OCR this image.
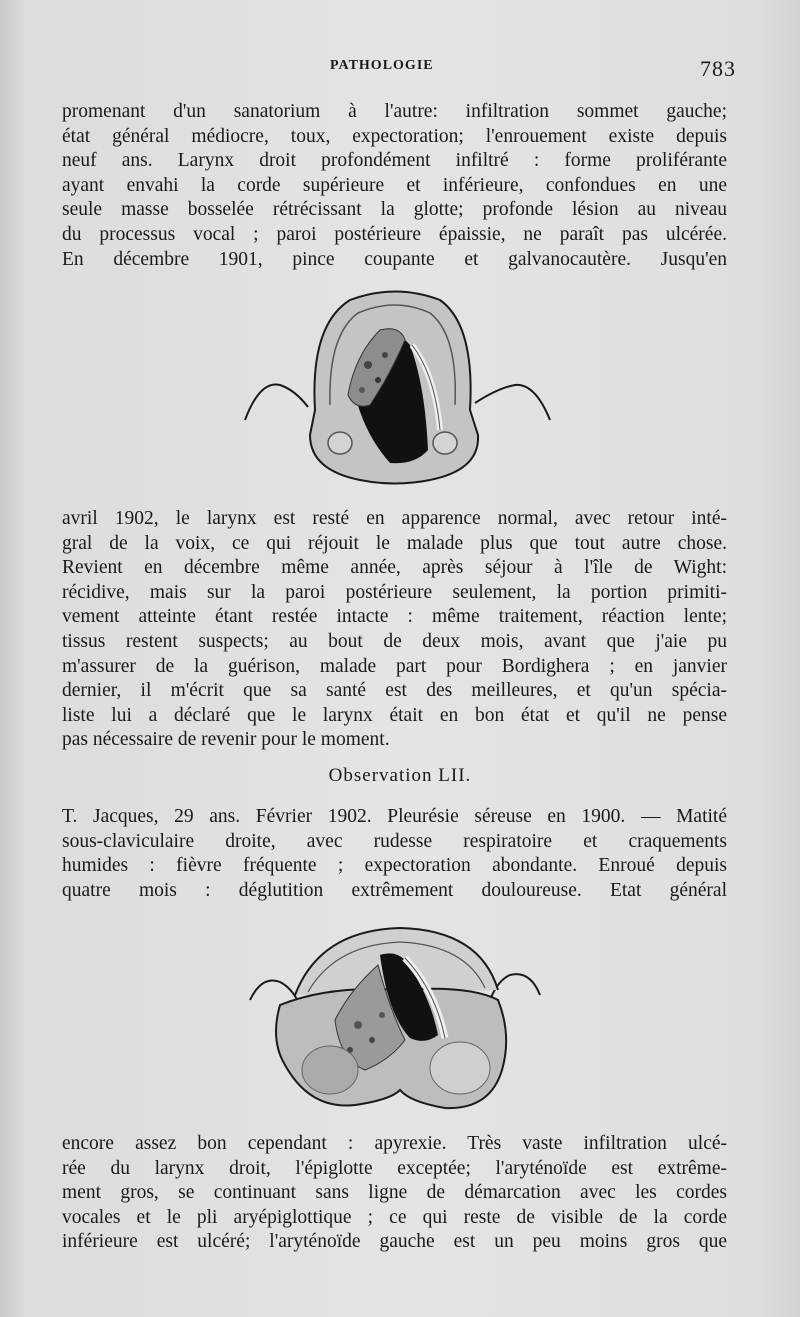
PATHOLOGIE	783
promenant d'un sanatorium à l'autre: infiltration sommet gauche;
état général médiocre, toux, expectoration; l'enrouement existe depuis
neuf ans. Larynx droit profondément infiltré : forme proliférante
ayant envahi la corde supérieure et inférieure, confondues en une
seule masse bosselée rétrécissant la glotte; profonde lésion au niveau
du processus vocal ; paroi postérieure épaissie, ne paraît pas ulcérée.
En décembre 1901, pince coupante et galvanocautère. Jusqu'en
avril 1902, le larynx est resté en apparence normal, avec retour inté-
gral de la voix, ce qui réjouit le malade plus que tout autre chose.
Revient en décembre même année, après séjour à l'île de Wight:
récidive, mais sur la paroi postérieure seulement, la portion primiti-
vement atteinte étant restée intacte : même traitement, réaction lente;
tissus restent suspects; au bout de deux mois, avant que j'aie pu
m'assurer de la guérison, malade part pour Bordighera ; en janvier
dernier, il m'écrit que sa santé est des meilleures, et qu'un spécia-
liste lui a déclaré que le larynx était en bon état et qu'il ne pense
pas nécessaire de revenir pour le moment.
Observation LII.
T. Jacques, 29 ans. Février 1902. Pleurésie séreuse en 1900. — Matité
sous-claviculaire droite, avec rudesse respiratoire et craquements
humides : fièvre fréquente ; expectoration abondante. Enroué depuis
quatre mois : déglutition extrêmement douloureuse. Etat général
encore assez bon cependant : apyrexie. Très vaste infiltration ulcé-
rée du larynx droit, l'épiglotte exceptée; l'aryténoïde est extrême-
ment gros, se continuant sans ligne de démarcation avec les cordes
vocales et le pli aryépiglottique ; ce qui reste de visible de la corde
inférieure est ulcéré; l'aryténoïde gauche est un peu moins gros que
